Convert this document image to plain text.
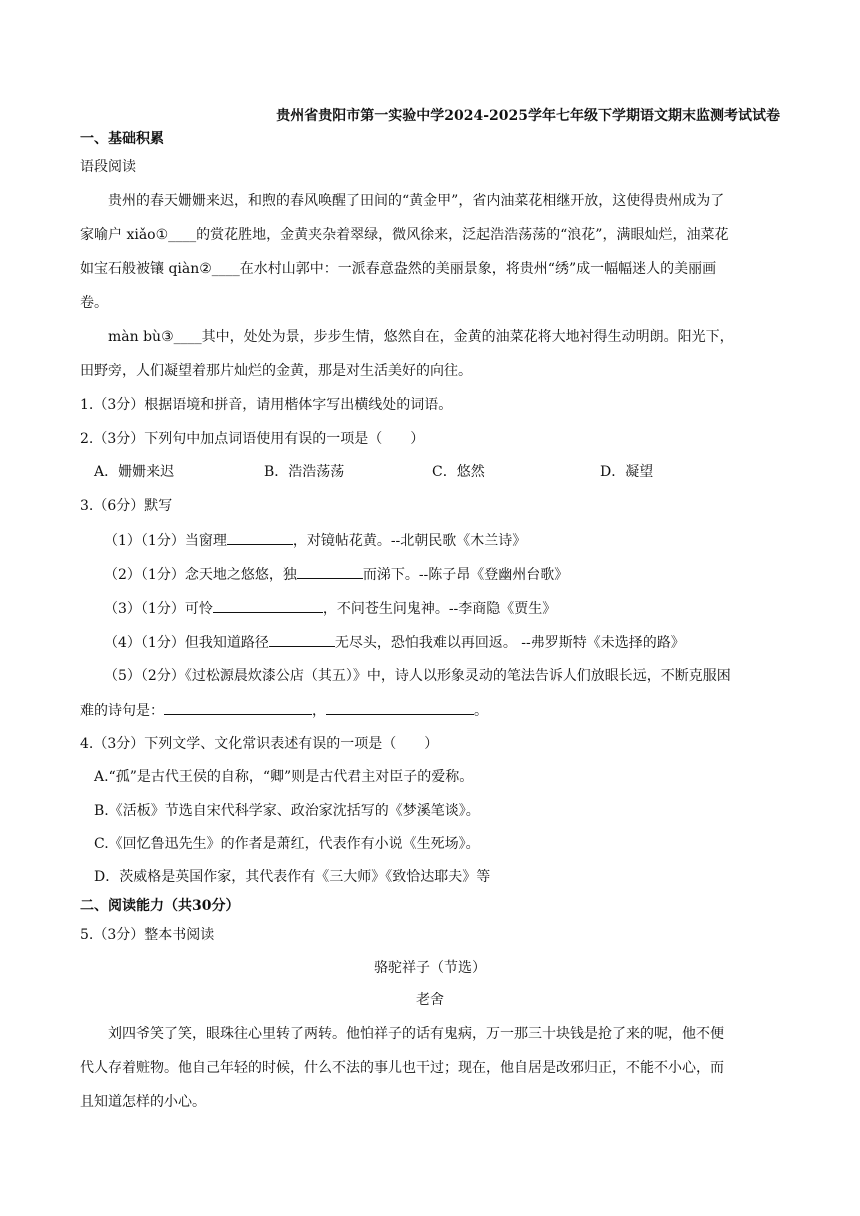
贵州省贵阳市第一实验中学2024-2025学年七年级下学期语文期末监测考试试卷
一、基础积累
语段阅读
贵州的春天姗姗来迟，和煦的春风唤醒了田间的“黄金甲”，省内油菜花相继开放，这使得贵州成为了
家喻户 xiǎo①____的赏花胜地，金黄夹杂着翠绿，微风徐来，泛起浩浩荡荡的“浪花”，满眼灿烂，油菜花
如宝石般被镶 qiàn②____在水村山郭中：一派春意盎然的美丽景象，将贵州“绣”成一幅幅迷人的美丽画
卷。
màn bù③____其中，处处为景，步步生情，悠然自在，金黄的油菜花将大地衬得生动明朗。阳光下，
田野旁，人们凝望着那片灿烂的金黄，那是对生活美好的向往。
1.（3分）根据语境和拼音，请用楷体字写出横线处的词语。
2.（3分）下列句中加点词语使用有误的一项是（　　）
A．姗姗来迟	B．浩浩荡荡	C．悠然	D．凝望
3.（6分）默写
（1）（1分）当窗理	，对镜帖花黄。--北朝民歌《木兰诗》
（2）（1分）念天地之悠悠，独	而涕下。--陈子昂《登幽州台歌》
（3）（1分）可怜	，不问苍生问鬼神。--李商隐《贾生》
（4）（1分）但我知道路径	无尽头，恐怕我难以再回返。 --弗罗斯特《未选择的路》
（5）（2分）《过松源晨炊漆公店（其五）》中，诗人以形象灵动的笔法告诉人们放眼长远，不断克服困
难的诗句是：	，	。
4.（3分）下列文学、文化常识表述有误的一项是（　　）
A.“孤”是古代王侯的自称，“卿”则是古代君主对臣子的爱称。
B.《活板》节选自宋代科学家、政治家沈括写的《梦溪笔谈》。
C.《回忆鲁迅先生》的作者是萧红，代表作有小说《生死场》。
D．茨威格是英国作家，其代表作有《三大师》《致恰达耶夫》等
二、阅读能力（共30分）
5.（3分）整本书阅读
骆驼祥子（节选）
老舍
刘四爷笑了笑，眼珠往心里转了两转。他怕祥子的话有鬼病，万一那三十块钱是抢了来的呢，他不便
代人存着赃物。他自己年轻的时候，什么不法的事儿也干过；现在，他自居是改邪归正，不能不小心，而
且知道怎样的小心。
